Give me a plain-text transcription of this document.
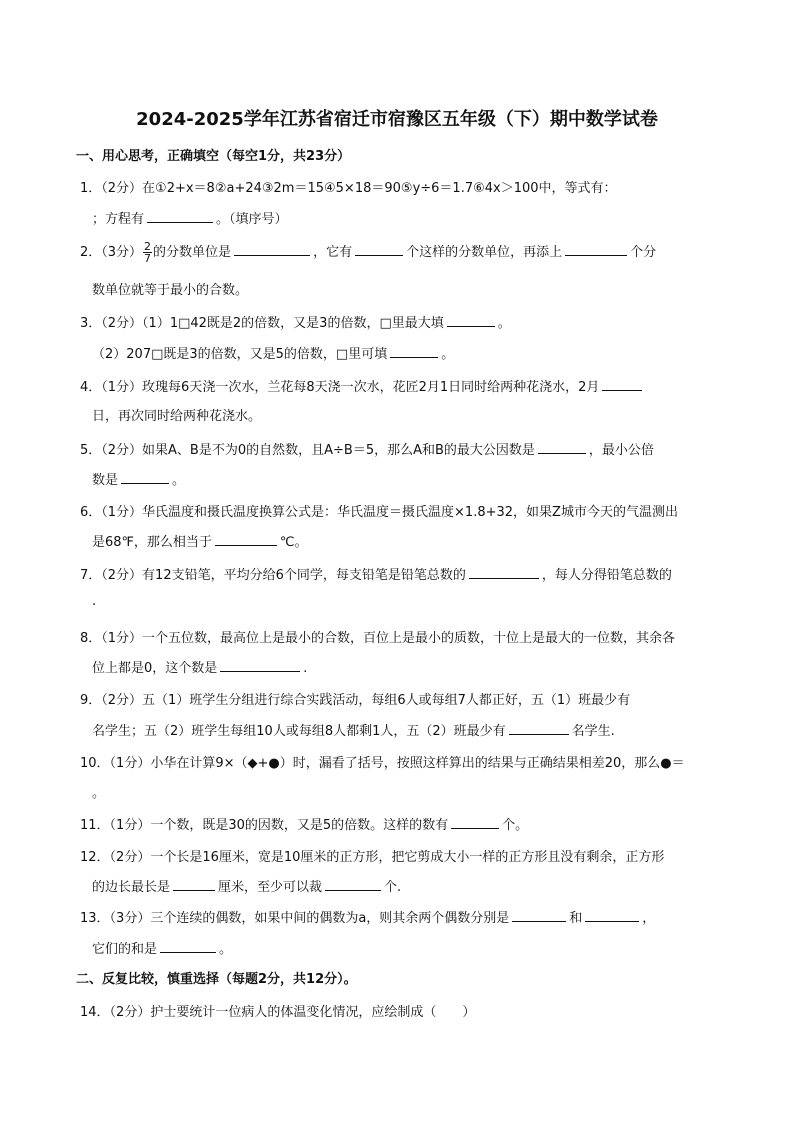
2024-2025学年江苏省宿迁市宿豫区五年级（下）期中数学试卷
一、用心思考，正确填空（每空1分，共23分）
1．（2分）在①2+x＝8②a+24③2m＝15④5×18＝90⑤y÷6＝1.7⑥4x＞100中，等式有：
；方程有	。（填序号）
2．（3分） $\frac{2}{7}$ 的分数单位是	，它有	个这样的分数单位，再添上	个分
数单位就等于最小的合数。
3．（2分）（1）1□42既是2的倍数，又是3的倍数，□里最大填	。
（2）207□既是3的倍数，又是5的倍数，□里可填	。
4．（1分）玫瑰每6天浇一次水，兰花每8天浇一次水，花匠2月1日同时给两种花浇水，2月
日，再次同时给两种花浇水。
5．（2分）如果A、B是不为0的自然数，且A÷B＝5，那么A和B的最大公因数是	，最小公倍
数是	。
6．（1分）华氏温度和摄氏温度换算公式是：华氏温度＝摄氏温度×1.8+32，如果Z城市今天的气温测出
是68℉，那么相当于	℃。
7．（2分）有12支铅笔，平均分给6个同学，每支铅笔是铅笔总数的	，每人分得铅笔总数的
.
8．（1分）一个五位数，最高位上是最小的合数，百位上是最小的质数，十位上是最大的一位数，其余各
位上都是0，这个数是	.
9．（2分）五（1）班学生分组进行综合实践活动，每组6人或每组7人都正好，五（1）班最少有
名学生；五（2）班学生每组10人或每组8人都剩1人，五（2）班最少有	名学生.
10．（1分）小华在计算9×（◆+●）时，漏看了括号，按照这样算出的结果与正确结果相差20，那么●＝
。
11．（1分）一个数，既是30的因数，又是5的倍数。这样的数有	个。
12．（2分）一个长是16厘米，宽是10厘米的正方形，把它剪成大小一样的正方形且没有剩余，正方形
的边长最长是	厘米，至少可以裁	个.
13．（3分）三个连续的偶数，如果中间的偶数为a，则其余两个偶数分别是	和	，
它们的和是	。
二、反复比较，慎重选择（每题2分，共12分）。
14．（2分）护士要统计一位病人的体温变化情况，应绘制成（　　）
